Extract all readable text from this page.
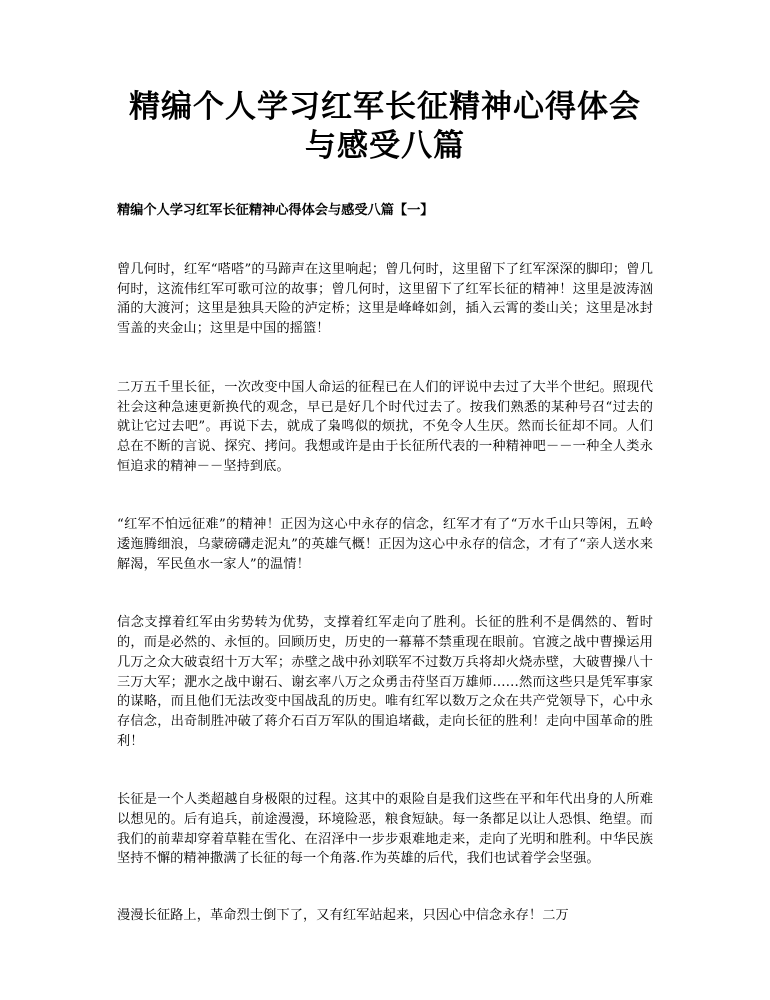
精编个人学习红军长征精神心得体会与感受八篇
精编个人学习红军长征精神心得体会与感受八篇【一】

曾几何时，红军“嗒嗒”的马蹄声在这里响起；曾几何时，这里留下了红军深深的脚印；曾几何时，这流伟红军可歌可泣的故事；曾几何时，这里留下了红军长征的精神！这里是波涛汹涌的大渡河；这里是独具天险的泸定桥；这里是峰峰如剑，插入云霄的娄山关；这里是冰封雪盖的夹金山；这里是中国的摇篮！

二万五千里长征，一次改变中国人命运的征程已在人们的评说中去过了大半个世纪。照现代社会这种急速更新换代的观念，早已是好几个时代过去了。按我们熟悉的某种号召“过去的就让它过去吧”。再说下去，就成了枭鸣似的烦扰，不免令人生厌。然而长征却不同。人们总在不断的言说、探究、拷问。我想或许是由于长征所代表的一种精神吧－－一种全人类永恒追求的精神－－坚持到底。

“红军不怕远征难”的精神！正因为这心中永存的信念，红军才有了“万水千山只等闲，五岭逶迤腾细浪，乌蒙磅礴走泥丸”的英雄气概！正因为这心中永存的信念，才有了“亲人送水来解渴，军民鱼水一家人”的温情！

信念支撑着红军由劣势转为优势，支撑着红军走向了胜利。长征的胜利不是偶然的、暂时的，而是必然的、永恒的。回顾历史，历史的一幕幕不禁重现在眼前。官渡之战中曹操运用几万之众大破袁绍十万大军；赤壁之战中孙刘联军不过数万兵将却火烧赤壁，大破曹操八十三万大军；淝水之战中谢石、谢玄率八万之众勇击苻坚百万雄师……然而这些只是凭军事家的谋略，而且他们无法改变中国战乱的历史。唯有红军以数万之众在共产党领导下，心中永存信念，出奇制胜冲破了蒋介石百万军队的围追堵截，走向长征的胜利！走向中国革命的胜利！

长征是一个人类超越自身极限的过程。这其中的艰险自是我们这些在平和年代出身的人所难以想见的。后有追兵，前途漫漫，环境险恶，粮食短缺。每一条都足以让人恐惧、绝望。而我们的前辈却穿着草鞋在雪化、在沼泽中一步步艰难地走来，走向了光明和胜利。中华民族坚持不懈的精神撒满了长征的每一个角落.作为英雄的后代，我们也试着学会坚强。

漫漫长征路上，革命烈士倒下了，又有红军站起来，只因心中信念永存！二万
